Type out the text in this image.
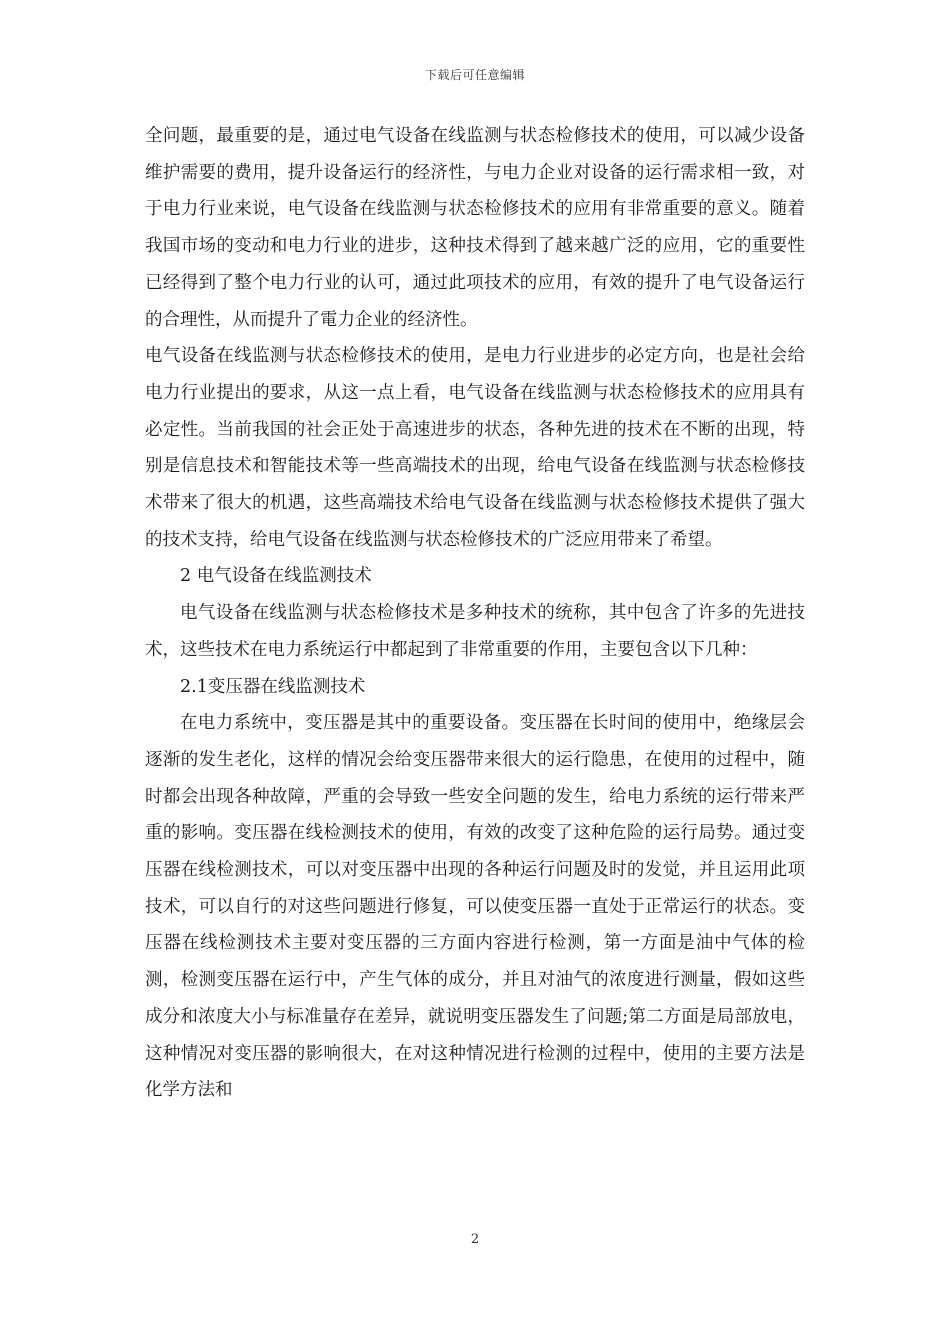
下载后可任意编辑

全问题，最重要的是，通过电气设备在线监测与状态检修技术的使用，可以减少设备维护需要的费用，提升设备运行的经济性，与电力企业对设备的运行需求相一致，对于电力行业来说，电气设备在线监测与状态检修技术的应用有非常重要的意义。随着我国市场的变动和电力行业的进步，这种技术得到了越来越广泛的应用，它的重要性已经得到了整个电力行业的认可，通过此项技术的应用，有效的提升了电气设备运行的合理性，从而提升了電力企业的经济性。

电气设备在线监测与状态检修技术的使用，是电力行业进步的必定方向，也是社会给电力行业提出的要求，从这一点上看，电气设备在线监测与状态检修技术的应用具有必定性。当前我国的社会正处于高速进步的状态，各种先进的技术在不断的出现，特别是信息技术和智能技术等一些高端技术的出现，给电气设备在线监测与状态检修技术带来了很大的机遇，这些高端技术给电气设备在线监测与状态检修技术提供了强大的技术支持，给电气设备在线监测与状态检修技术的广泛应用带来了希望。

2 电气设备在线监测技术

电气设备在线监测与状态检修技术是多种技术的统称，其中包含了许多的先进技术，这些技术在电力系统运行中都起到了非常重要的作用，主要包含以下几种：

2.1变压器在线监测技术

在电力系统中，变压器是其中的重要设备。变压器在长时间的使用中，绝缘层会逐渐的发生老化，这样的情况会给变压器带来很大的运行隐患，在使用的过程中，随时都会出现各种故障，严重的会导致一些安全问题的发生，给电力系统的运行带来严重的影响。变压器在线检测技术的使用，有效的改变了这种危险的运行局势。通过变压器在线检测技术，可以对变压器中出现的各种运行问题及时的发觉，并且运用此项技术，可以自行的对这些问题进行修复，可以使变压器一直处于正常运行的状态。变压器在线检测技术主要对变压器的三方面内容进行检测，第一方面是油中气体的检测，检测变压器在运行中，产生气体的成分，并且对油气的浓度进行测量，假如这些成分和浓度大小与标准量存在差异，就说明变压器发生了问题;第二方面是局部放电，这种情况对变压器的影响很大，在对这种情况进行检测的过程中，使用的主要方法是化学方法和

2
